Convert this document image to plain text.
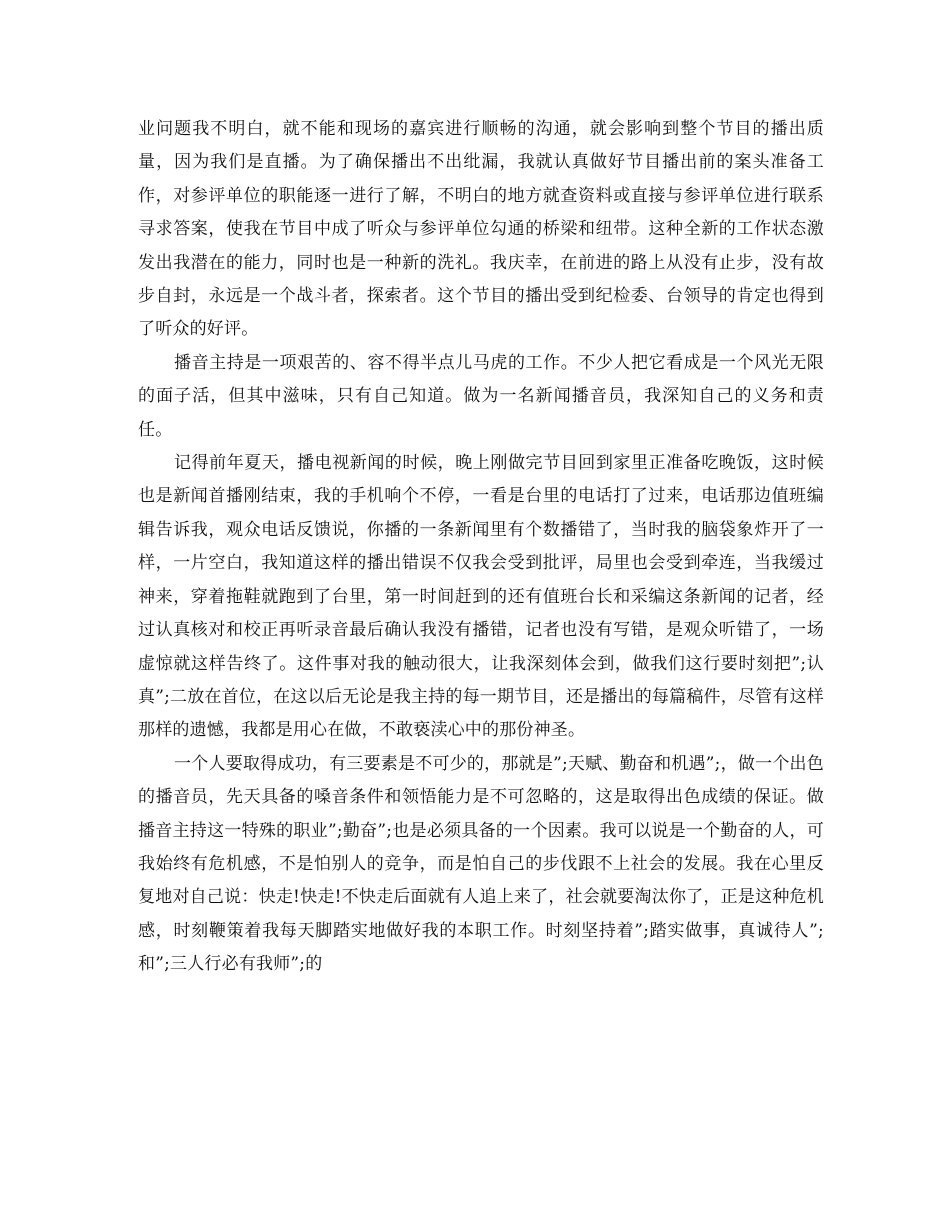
业问题我不明白，就不能和现场的嘉宾进行顺畅的沟通，就会影响到整个节目的播出质量，因为我们是直播。为了确保播出不出纰漏，我就认真做好节目播出前的案头准备工作，对参评单位的职能逐一进行了解，不明白的地方就查资料或直接与参评单位进行联系寻求答案，使我在节目中成了听众与参评单位勾通的桥梁和纽带。这种全新的工作状态激发出我潜在的能力，同时也是一种新的洗礼。我庆幸，在前进的路上从没有止步，没有故步自封，永远是一个战斗者，探索者。这个节目的播出受到纪检委、台领导的肯定也得到了听众的好评。

播音主持是一项艰苦的、容不得半点儿马虎的工作。不少人把它看成是一个风光无限的面子活，但其中滋味，只有自己知道。做为一名新闻播音员，我深知自己的义务和责任。

记得前年夏天，播电视新闻的时候，晚上刚做完节目回到家里正准备吃晚饭，这时候也是新闻首播刚结束，我的手机响个不停，一看是台里的电话打了过来，电话那边值班编辑告诉我，观众电话反馈说，你播的一条新闻里有个数播错了，当时我的脑袋象炸开了一样，一片空白，我知道这样的播出错误不仅我会受到批评，局里也会受到牵连，当我缓过神来，穿着拖鞋就跑到了台里，第一时间赶到的还有值班台长和采编这条新闻的记者，经过认真核对和校正再听录音最后确认我没有播错，记者也没有写错，是观众听错了，一场虚惊就这样告终了。这件事对我的触动很大，让我深刻体会到，做我们这行要时刻把”;认真”;二放在首位，在这以后无论是我主持的每一期节目，还是播出的每篇稿件，尽管有这样那样的遗憾，我都是用心在做，不敢亵渎心中的那份神圣。

一个人要取得成功，有三要素是不可少的，那就是”;天赋、勤奋和机遇”;，做一个出色的播音员，先天具备的嗓音条件和领悟能力是不可忽略的，这是取得出色成绩的保证。做播音主持这一特殊的职业”;勤奋”;也是必须具备的一个因素。我可以说是一个勤奋的人，可我始终有危机感，不是怕别人的竞争，而是怕自己的步伐跟不上社会的发展。我在心里反复地对自己说：快走!快走!不快走后面就有人追上来了，社会就要淘汰你了，正是这种危机感，时刻鞭策着我每天脚踏实地做好我的本职工作。时刻坚持着”;踏实做事，真诚待人”;和”;三人行必有我师”;的
